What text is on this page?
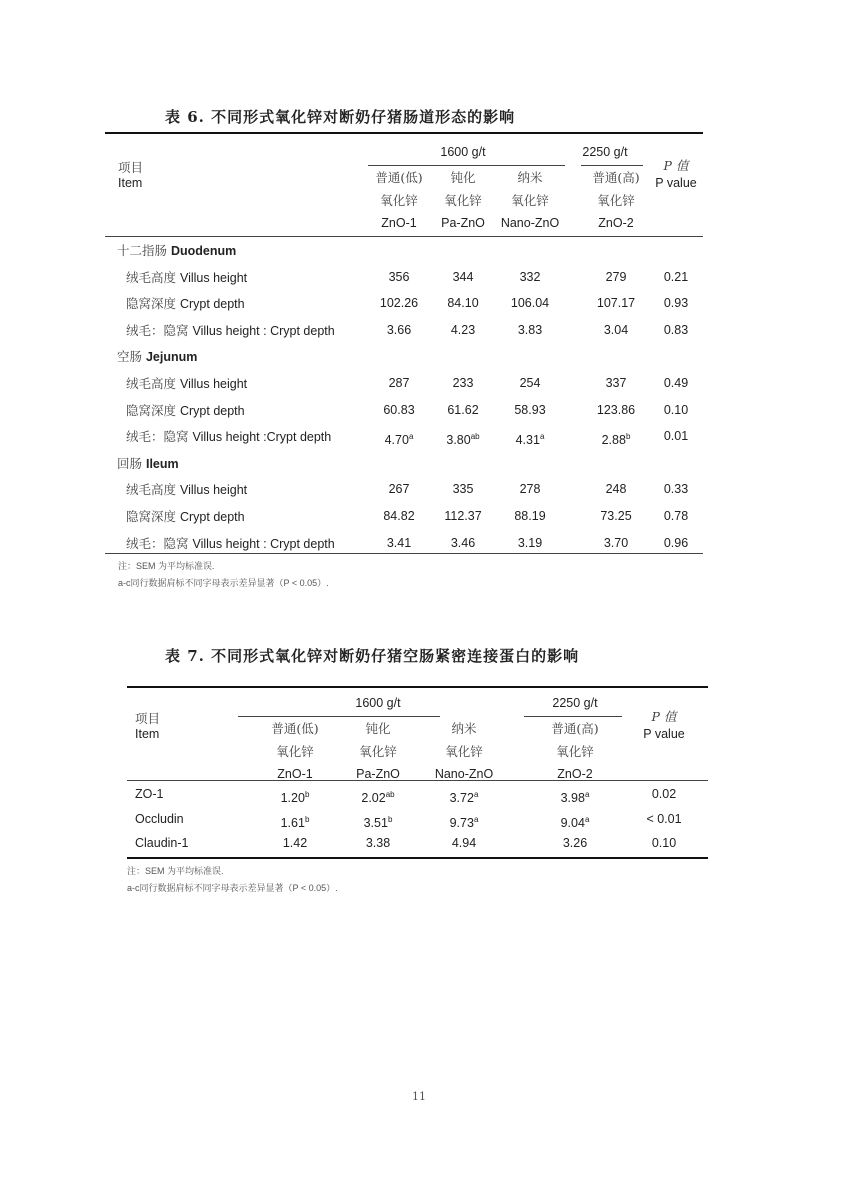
11
表 6. 不同形式氧化锌对断奶仔猪肠道形态的影响
1600 g/t	2250 g/t
项目
Item
P 值
P value
普通(低)
氧化锌
ZnO-1
钝化
氧化锌
Pa-ZnO
纳米
氧化锌
Nano-ZnO
普通(高)
氧化锌
ZnO-2
十二指肠 Duodenum
绒毛高度 Villus height	356	344	332	279	0.21
隐窝深度 Crypt depth	102.26 84.10	106.04	107.17 0.93
绒毛：隐窝 Villus height : Crypt depth	3.66	4.23	3.83	3.04	0.83
空肠 Jejunum
绒毛高度 Villus height	287	233	254	337	0.49
隐窝深度 Crypt depth	60.83	61.62	58.93	123.86 0.10
绒毛：隐窝 Villus height :Crypt depth	4.70$^a$	3.80$^{ab}$	4.31$^a$	2.88$^b$	0.01
回肠 Ileum
绒毛高度 Villus height	267	335	278	248	0.33
隐窝深度 Crypt depth	84.82 112.37	88.19	73.25	0.78
绒毛：隐窝 Villus height : Crypt depth	3.41	3.46	3.19	3.70	0.96
注：SEM 为平均标准误.
a-c同行数据肩标不同字母表示差异显著（P < 0.05）.
表 7. 不同形式氧化锌对断奶仔猪空肠紧密连接蛋白的影响
1600 g/t	2250 g/t
项目
Item
P 值
P value
普通(低)
氧化锌
ZnO-1
钝化
氧化锌
Pa-ZnO
纳米
氧化锌
Nano-ZnO
普通(高)
氧化锌
ZnO-2
ZO-1	1.20$^b$	2.02$^{ab}$	3.72$^a$	3.98$^a$	0.02
Occludin	1.61$^b$	3.51$^b$	9.73$^a$	9.04$^a$	< 0.01
Claudin-1	1.42	3.38	4.94	3.26	0.10
注：SEM 为平均标准误.
a-c同行数据肩标不同字母表示差异显著（P < 0.05）.
